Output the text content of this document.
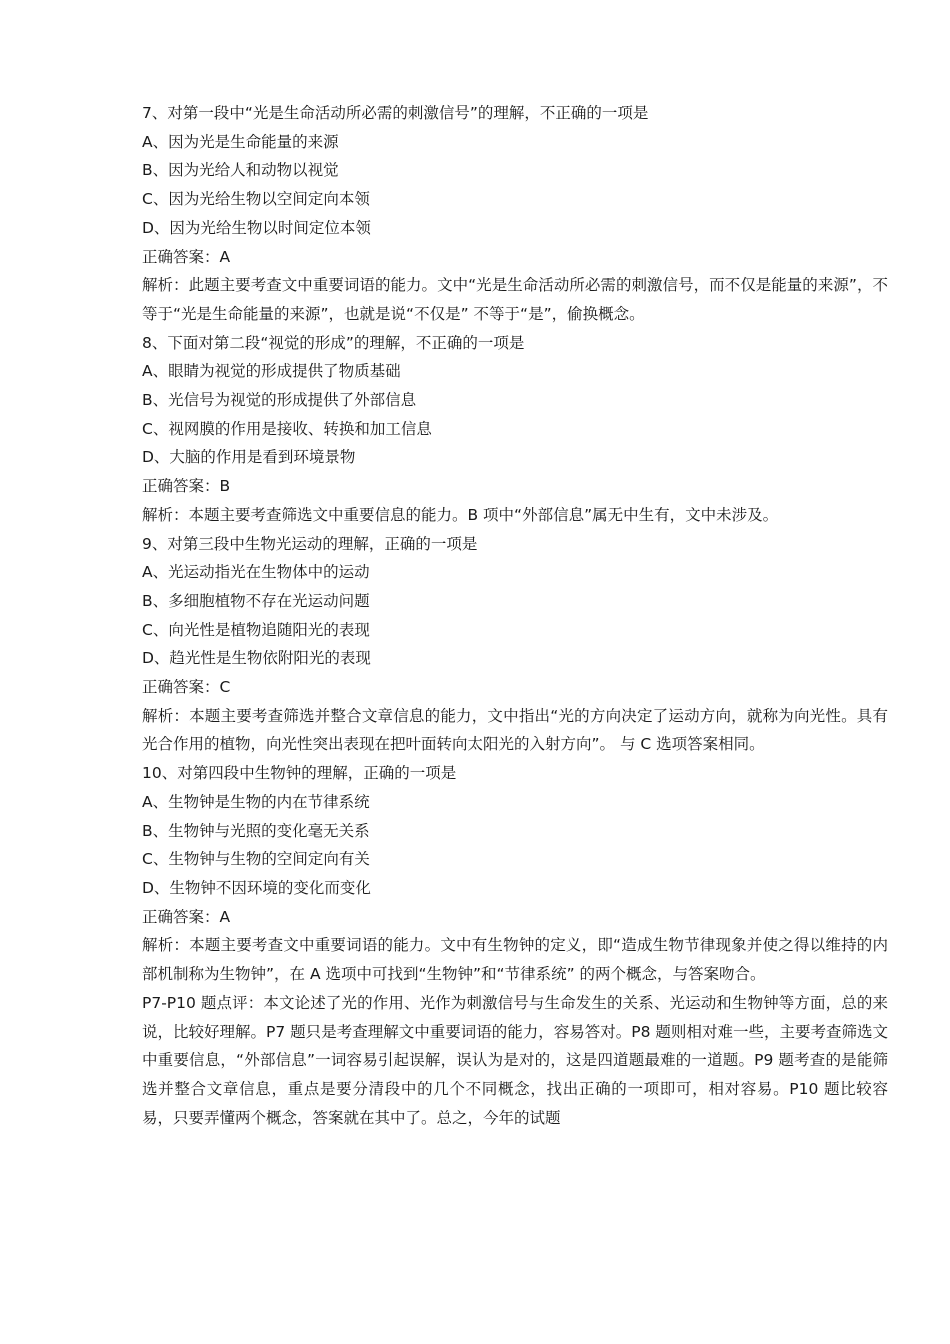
7、对第一段中“光是生命活动所必需的刺激信号”的理解，不正确的一项是
A、因为光是生命能量的来源
B、因为光给人和动物以视觉
C、因为光给生物以空间定向本领
D、因为光给生物以时间定位本领
正确答案：A
解析：此题主要考查文中重要词语的能力。文中“光是生命活动所必需的刺激信号，而不仅是能量的来源”，不等于“光是生命能量的来源”，也就是说“不仅是” 不等于“是”，偷换概念。
8、下面对第二段“视觉的形成”的理解，不正确的一项是
A、眼睛为视觉的形成提供了物质基础
B、光信号为视觉的形成提供了外部信息
C、视网膜的作用是接收、转换和加工信息
D、大脑的作用是看到环境景物
正确答案：B
解析：本题主要考查筛选文中重要信息的能力。B 项中“外部信息”属无中生有，文中未涉及。
9、对第三段中生物光运动的理解，正确的一项是
A、光运动指光在生物体中的运动
B、多细胞植物不存在光运动问题
C、向光性是植物追随阳光的表现
D、趋光性是生物依附阳光的表现
正确答案：C
解析：本题主要考查筛选并整合文章信息的能力，文中指出“光的方向决定了运动方向，就称为向光性。具有光合作用的植物，向光性突出表现在把叶面转向太阳光的入射方向”。 与 C 选项答案相同。
10、对第四段中生物钟的理解，正确的一项是
A、生物钟是生物的内在节律系统
B、生物钟与光照的变化毫无关系
C、生物钟与生物的空间定向有关
D、生物钟不因环境的变化而变化
正确答案：A
解析：本题主要考查文中重要词语的能力。文中有生物钟的定义，即“造成生物节律现象并使之得以维持的内部机制称为生物钟”，在 A 选项中可找到“生物钟”和“节律系统” 的两个概念，与答案吻合。
P7-P10 题点评：本文论述了光的作用、光作为刺激信号与生命发生的关系、光运动和生物钟等方面，总的来说，比较好理解。P7 题只是考查理解文中重要词语的能力，容易答对。P8 题则相对难一些，主要考查筛选文中重要信息，“外部信息”一词容易引起误解，误认为是对的，这是四道题最难的一道题。P9 题考查的是能筛选并整合文章信息，重点是要分清段中的几个不同概念，找出正确的一项即可，相对容易。P10 题比较容易，只要弄懂两个概念，答案就在其中了。总之，今年的试题
